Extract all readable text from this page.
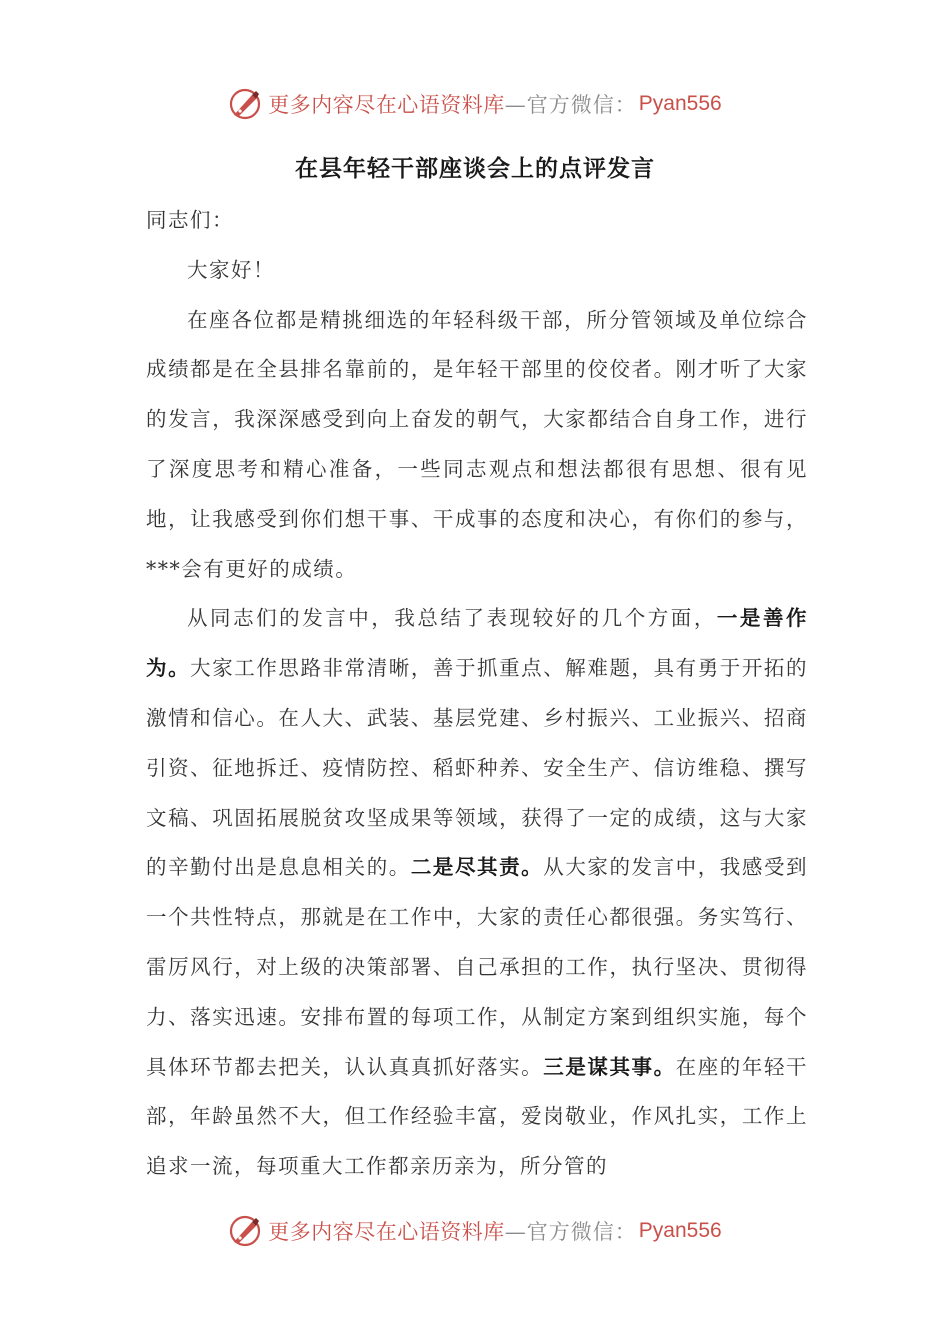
更多内容尽在心语资料库 —官方微信： Pyan556
在县年轻干部座谈会上的点评发言

同志们：

大家好！

在座各位都是精挑细选的年轻科级干部，所分管领域及单位综合成绩都是在全县排名靠前的，是年轻干部里的佼佼者。刚才听了大家的发言，我深深感受到向上奋发的朝气，大家都结合自身工作，进行了深度思考和精心准备，一些同志观点和想法都很有思想、很有见地，让我感受到你们想干事、干成事的态度和决心，有你们的参与，***会有更好的成绩。

从同志们的发言中，我总结了表现较好的几个方面，一是善作为。大家工作思路非常清晰，善于抓重点、解难题，具有勇于开拓的激情和信心。在人大、武装、基层党建、乡村振兴、工业振兴、招商引资、征地拆迁、疫情防控、稻虾种养、安全生产、信访维稳、撰写文稿、巩固拓展脱贫攻坚成果等领域，获得了一定的成绩，这与大家的辛勤付出是息息相关的。二是尽其责。从大家的发言中，我感受到一个共性特点，那就是在工作中，大家的责任心都很强。务实笃行、雷厉风行，对上级的决策部署、自己承担的工作，执行坚决、贯彻得力、落实迅速。安排布置的每项工作，从制定方案到组织实施，每个具体环节都去把关，认认真真抓好落实。三是谋其事。在座的年轻干部，年龄虽然不大，但工作经验丰富，爱岗敬业，作风扎实，工作上追求一流，每项重大工作都亲历亲为，所分管的

更多内容尽在心语资料库 —官方微信： Pyan556
